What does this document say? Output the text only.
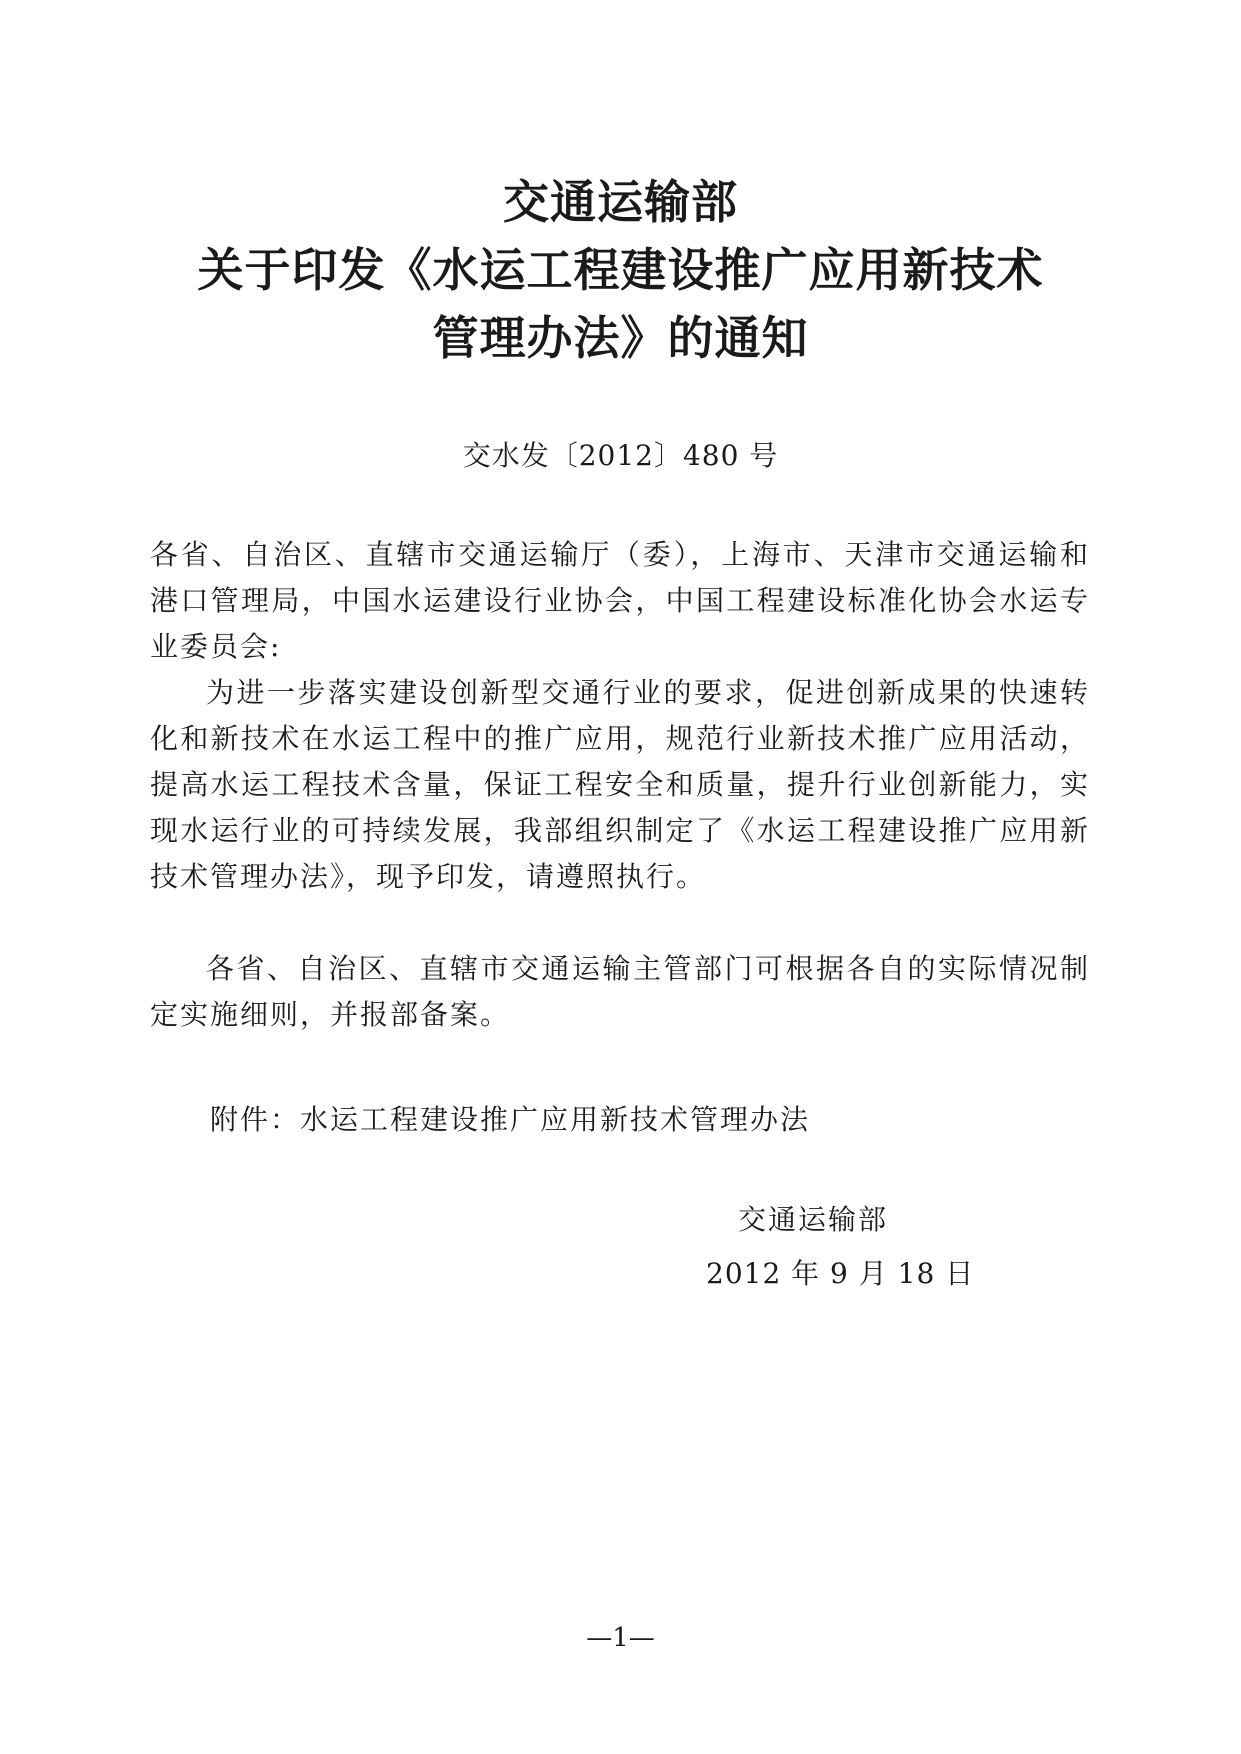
交通运输部
关于印发《水运工程建设推广应用新技术
管理办法》的通知
交水发〔2012〕480 号
各省、自治区、直辖市交通运输厅（委），上海市、天津市交通运输和港口管理局，中国水运建设行业协会，中国工程建设标准化协会水运专业委员会:
为进一步落实建设创新型交通行业的要求，促进创新成果的快速转化和新技术在水运工程中的推广应用，规范行业新技术推广应用活动，提高水运工程技术含量，保证工程安全和质量，提升行业创新能力，实现水运行业的可持续发展，我部组织制定了《水运工程建设推广应用新技术管理办法》，现予印发，请遵照执行。
各省、自治区、直辖市交通运输主管部门可根据各自的实际情况制定实施细则，并报部备案。
附件：水运工程建设推广应用新技术管理办法
交通运输部
2012 年 9 月 18 日
—1—
